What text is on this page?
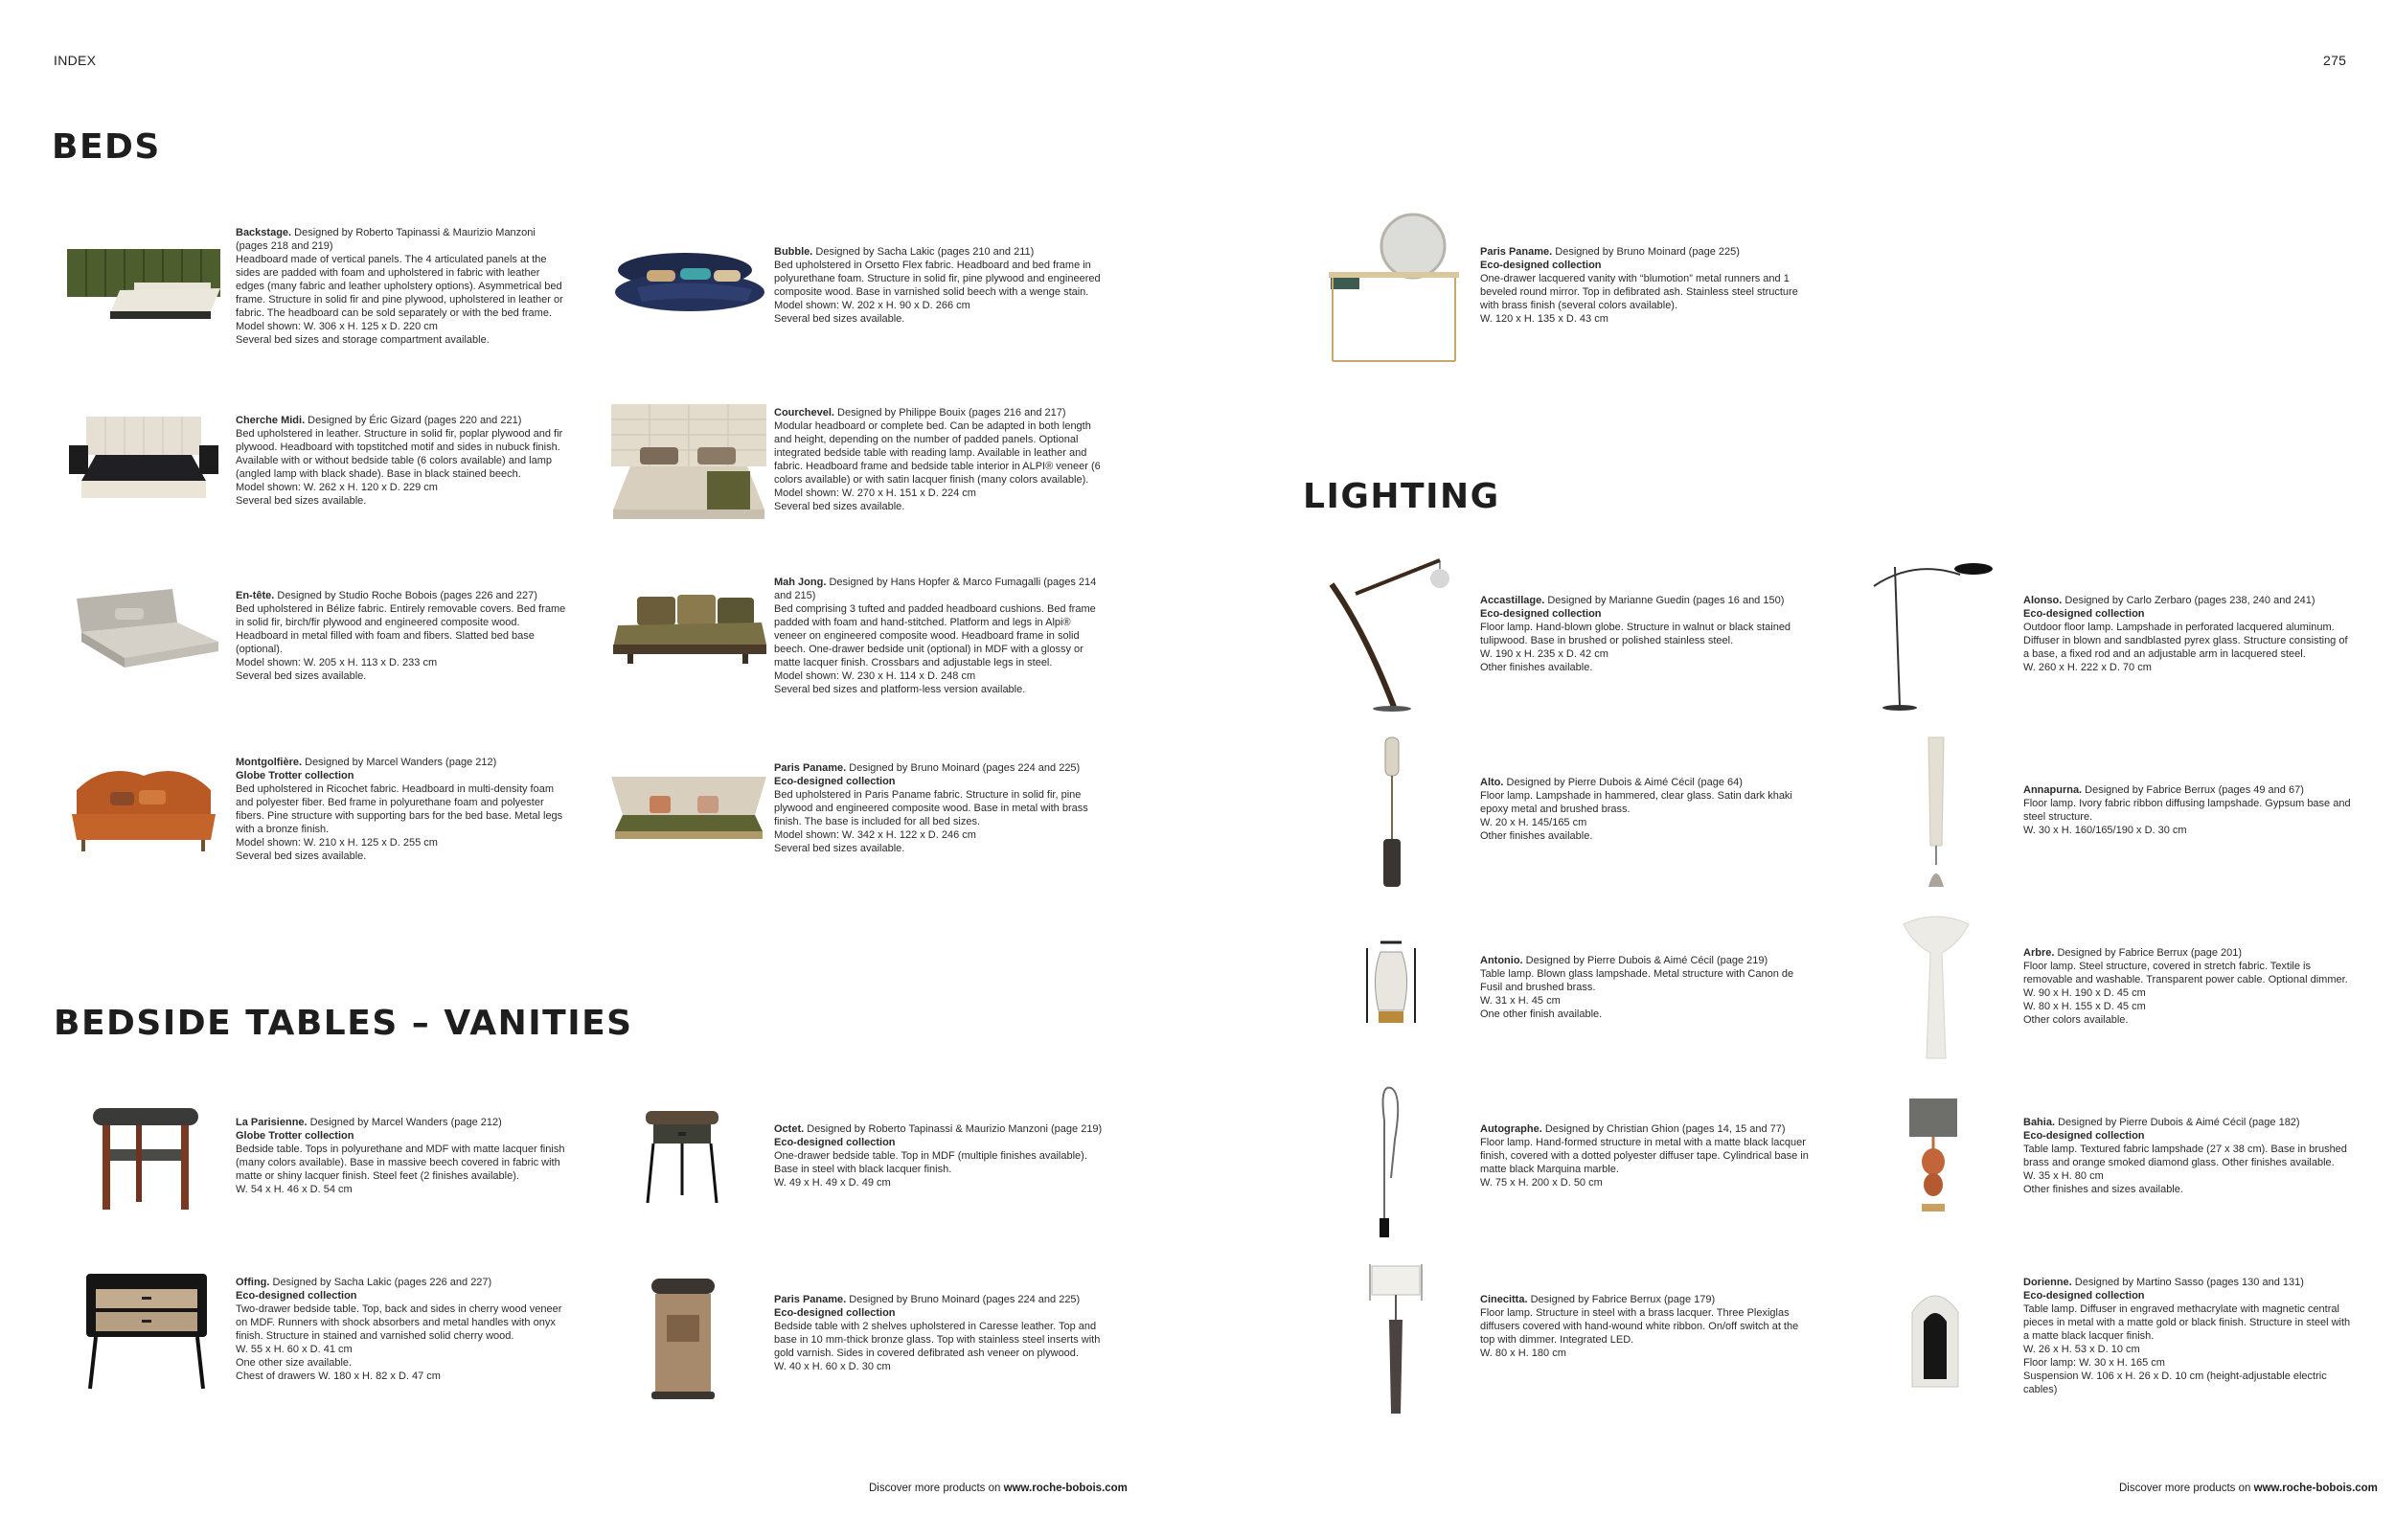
INDEX	275
BEDS
BEDSIDE TABLES – VANITIES
LIGHTING
Backstage. Designed by Roberto Tapinassi & Maurizio Manzoni (pages 218 and 219)
Headboard made of vertical panels. The 4 articulated panels at the sides are padded with foam and upholstered in fabric with leather edges (many fabric and leather upholstery options). Asymmetrical bed frame. Structure in solid fir and pine plywood, upholstered in leather or fabric. The headboard can be sold separately or with the bed frame.
Model shown: W. 306 x H. 125 x D. 220 cm
Several bed sizes and storage compartment available.
Bubble. Designed by Sacha Lakic (pages 210 and 211)
Bed upholstered in Orsetto Flex fabric. Headboard and bed frame in polyurethane foam. Structure in solid fir, pine plywood and engineered composite wood. Base in varnished solid beech with a wenge stain.
Model shown: W. 202 x H. 90 x D. 266 cm
Several bed sizes available.
Cherche Midi. Designed by Éric Gizard (pages 220 and 221)
Bed upholstered in leather. Structure in solid fir, poplar plywood and fir plywood. Headboard with topstitched motif and sides in nubuck finish. Available with or without bedside table (6 colors available) and lamp (angled lamp with black shade). Base in black stained beech.
Model shown: W. 262 x H. 120 x D. 229 cm
Several bed sizes available.
Courchevel. Designed by Philippe Bouix (pages 216 and 217)
Modular headboard or complete bed. Can be adapted in both length and height, depending on the number of padded panels. Optional integrated bedside table with reading lamp. Available in leather and fabric. Headboard frame and bedside table interior in ALPI® veneer (6 colors available) or with satin lacquer finish (many colors available).
Model shown: W. 270 x H. 151 x D. 224 cm
Several bed sizes available.
En-tête. Designed by Studio Roche Bobois (pages 226 and 227)
Bed upholstered in Bélize fabric. Entirely removable covers. Bed frame in solid fir, birch/fir plywood and engineered composite wood. Headboard in metal filled with foam and fibers. Slatted bed base (optional).
Model shown: W. 205 x H. 113 x D. 233 cm
Several bed sizes available.
Mah Jong. Designed by Hans Hopfer & Marco Fumagalli (pages 214 and 215)
Bed comprising 3 tufted and padded headboard cushions. Bed frame padded with foam and hand-stitched. Platform and legs in Alpi® veneer on engineered composite wood. Headboard frame in solid beech. One-drawer bedside unit (optional) in MDF with a glossy or matte lacquer finish. Crossbars and adjustable legs in steel.
Model shown: W. 230 x H. 114 x D. 248 cm
Several bed sizes and platform-less version available.
Montgolfière. Designed by Marcel Wanders (page 212)
Globe Trotter collection
Bed upholstered in Ricochet fabric. Headboard in multi-density foam and polyester fiber. Bed frame in polyurethane foam and polyester fibers. Pine structure with supporting bars for the bed base. Metal legs with a bronze finish.
Model shown: W. 210 x H. 125 x D. 255 cm
Several bed sizes available.
Paris Paname. Designed by Bruno Moinard (pages 224 and 225)
Eco-designed collection
Bed upholstered in Paris Paname fabric. Structure in solid fir, pine plywood and engineered composite wood. Base in metal with brass finish. The base is included for all bed sizes.
Model shown: W. 342 x H. 122 x D. 246 cm
Several bed sizes available.
La Parisienne. Designed by Marcel Wanders (page 212)
Globe Trotter collection
Bedside table. Tops in polyurethane and MDF with matte lacquer finish (many colors available). Base in massive beech covered in fabric with matte or shiny lacquer finish. Steel feet (2 finishes available).
W. 54 x H. 46 x D. 54 cm
Octet. Designed by Roberto Tapinassi & Maurizio Manzoni (page 219)
Eco-designed collection
One-drawer bedside table. Top in MDF (multiple finishes available). Base in steel with black lacquer finish.
W. 49 x H. 49 x D. 49 cm
Offing. Designed by Sacha Lakic (pages 226 and 227)
Eco-designed collection
Two-drawer bedside table. Top, back and sides in cherry wood veneer on MDF. Runners with shock absorbers and metal handles with onyx finish. Structure in stained and varnished solid cherry wood.
W. 55 x H. 60 x D. 41 cm
One other size available.
Chest of drawers W. 180 x H. 82 x D. 47 cm
Paris Paname. Designed by Bruno Moinard (pages 224 and 225)
Eco-designed collection
Bedside table with 2 shelves upholstered in Caresse leather. Top and base in 10 mm-thick bronze glass. Top with stainless steel inserts with gold varnish. Sides in covered defibrated ash veneer on plywood.
W. 40 x H. 60 x D. 30 cm
Paris Paname. Designed by Bruno Moinard (page 225)
Eco-designed collection
One-drawer lacquered vanity with “blumotion” metal runners and 1 beveled round mirror. Top in defibrated ash. Stainless steel structure with brass finish (several colors available).
W. 120 x H. 135 x D. 43 cm
Accastillage. Designed by Marianne Guedin (pages 16 and 150)
Eco-designed collection
Floor lamp. Hand-blown globe. Structure in walnut or black stained tulipwood. Base in brushed or polished stainless steel.
W. 190 x H. 235 x D. 42 cm
Other finishes available.
Alonso. Designed by Carlo Zerbaro (pages 238, 240 and 241)
Eco-designed collection
Outdoor floor lamp. Lampshade in perforated lacquered aluminum. Diffuser in blown and sandblasted pyrex glass. Structure consisting of a base, a fixed rod and an adjustable arm in lacquered steel.
W. 260 x H. 222 x D. 70 cm
Alto. Designed by Pierre Dubois & Aimé Cécil (page 64)
Floor lamp. Lampshade in hammered, clear glass. Satin dark khaki epoxy metal and brushed brass.
W. 20 x H. 145/165 cm
Other finishes available.
Annapurna. Designed by Fabrice Berrux (pages 49 and 67)
Floor lamp. Ivory fabric ribbon diffusing lampshade. Gypsum base and steel structure.
W. 30 x H. 160/165/190 x D. 30 cm
Antonio. Designed by Pierre Dubois & Aimé Cécil (page 219)
Table lamp. Blown glass lampshade. Metal structure with Canon de Fusil and brushed brass.
W. 31 x H. 45 cm
One other finish available.
Arbre. Designed by Fabrice Berrux (page 201)
Floor lamp. Steel structure, covered in stretch fabric. Textile is removable and washable. Transparent power cable. Optional dimmer.
W. 90 x H. 190 x D. 45 cm
W. 80 x H. 155 x D. 45 cm
Other colors available.
Autographe. Designed by Christian Ghion (pages 14, 15 and 77)
Floor lamp. Hand-formed structure in metal with a matte black lacquer finish, covered with a dotted polyester diffuser tape. Cylindrical base in matte black Marquina marble.
W. 75 x H. 200 x D. 50 cm
Bahia. Designed by Pierre Dubois & Aimé Cécil (page 182)
Eco-designed collection
Table lamp. Textured fabric lampshade (27 x 38 cm). Base in brushed brass and orange smoked diamond glass. Other finishes available.
W. 35 x H. 80 cm
Other finishes and sizes available.
Cinecitta. Designed by Fabrice Berrux (page 179)
Floor lamp. Structure in steel with a brass lacquer. Three Plexiglas diffusers covered with hand-wound white ribbon. On/off switch at the top with dimmer. Integrated LED.
W. 80 x H. 180 cm
Dorienne. Designed by Martino Sasso (pages 130 and 131)
Eco-designed collection
Table lamp. Diffuser in engraved methacrylate with magnetic central pieces in metal with a matte gold or black finish. Structure in steel with a matte black lacquer finish.
W. 26 x H. 53 x D. 10 cm
Floor lamp: W. 30 x H. 165 cm
Suspension W. 106 x H. 26 x D. 10 cm (height-adjustable electric cables)
Discover more products on www.roche-bobois.com	Discover more products on www.roche-bobois.com
